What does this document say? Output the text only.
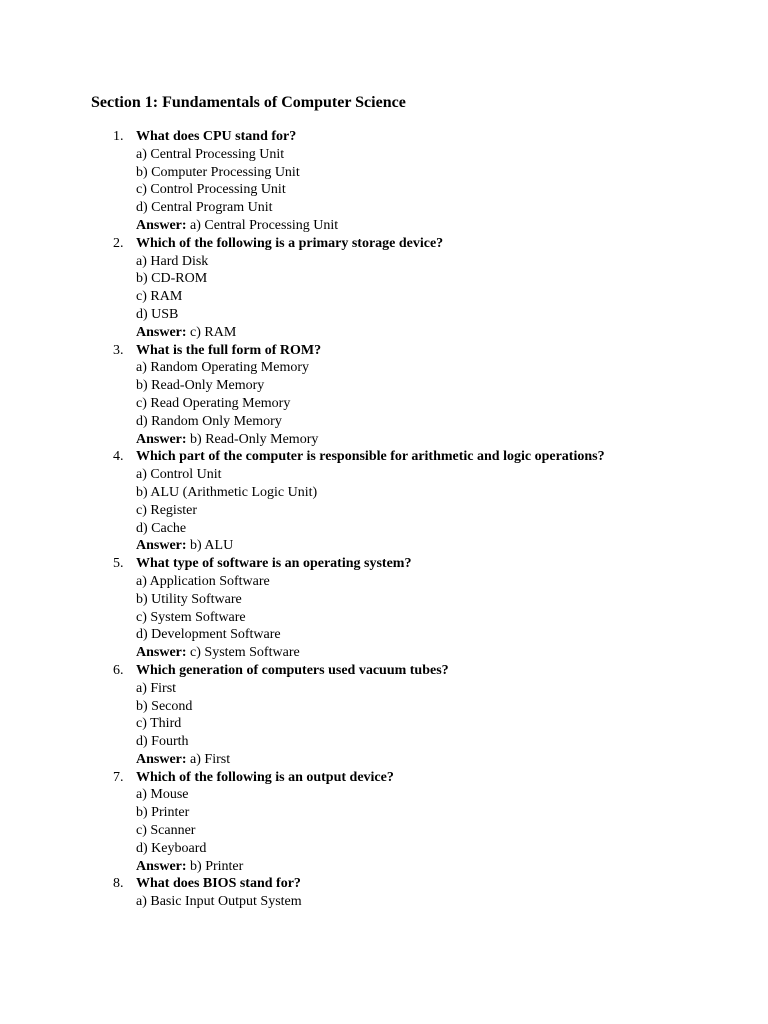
Section 1: Fundamentals of Computer Science
1. What does CPU stand for?
a) Central Processing Unit
b) Computer Processing Unit
c) Control Processing Unit
d) Central Program Unit
Answer: a) Central Processing Unit
2. Which of the following is a primary storage device?
a) Hard Disk
b) CD-ROM
c) RAM
d) USB
Answer: c) RAM
3. What is the full form of ROM?
a) Random Operating Memory
b) Read-Only Memory
c) Read Operating Memory
d) Random Only Memory
Answer: b) Read-Only Memory
4. Which part of the computer is responsible for arithmetic and logic operations?
a) Control Unit
b) ALU (Arithmetic Logic Unit)
c) Register
d) Cache
Answer: b) ALU
5. What type of software is an operating system?
a) Application Software
b) Utility Software
c) System Software
d) Development Software
Answer: c) System Software
6. Which generation of computers used vacuum tubes?
a) First
b) Second
c) Third
d) Fourth
Answer: a) First
7. Which of the following is an output device?
a) Mouse
b) Printer
c) Scanner
d) Keyboard
Answer: b) Printer
8. What does BIOS stand for?
a) Basic Input Output System
